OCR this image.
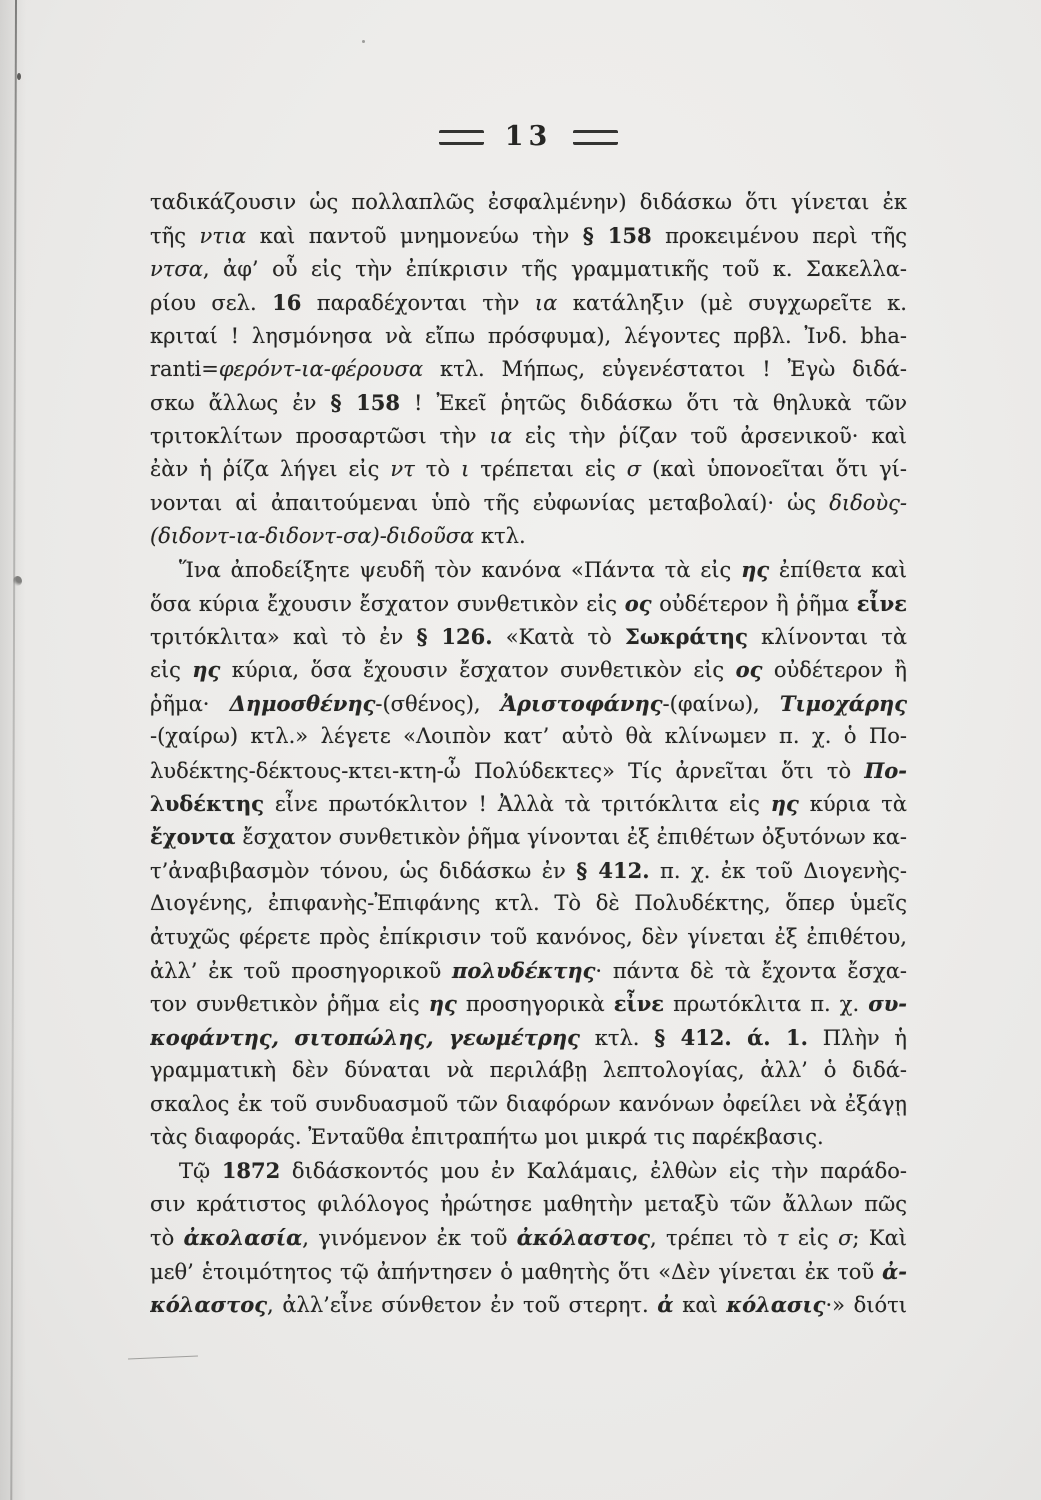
13
ταδικάζουσιν ὡς πολλαπλῶς ἐσφαλμένην) διδάσκω ὅτι γίνεται ἐκ
τῆς ντια καὶ παντοῦ μνημονεύω τὴν § 158 προκειμένου περὶ τῆς
ντσα, ἀφ’ οὗ εἰς τὴν ἐπίκρισιν τῆς γραμματικῆς τοῦ κ. Σακελλα-
ρίου σελ. 16 παραδέχονται τὴν ια κατάληξιν (μὲ συγχωρεῖτε κ.
κριταί ! λησμόνησα νὰ εἴπω πρόσφυμα), λέγοντες πρβλ. Ἰνδ. bha-
ranti=φερόντ-ια-φέρουσα κτλ. Μήπως, εὐγενέστατοι ! Ἐγὼ διδά-
σκω ἄλλως ἐν § 158 ! Ἐκεῖ ῥητῶς διδάσκω ὅτι τὰ θηλυκὰ τῶν
τριτοκλίτων προσαρτῶσι τὴν ια εἰς τὴν ῥίζαν τοῦ ἀρσενικοῦ· καὶ
ἐὰν ἡ ῥίζα λήγει εἰς ντ τὸ ι τρέπεται εἰς σ (καὶ ὑπονοεῖται ὅτι γί-
νονται αἱ ἀπαιτούμεναι ὑπὸ τῆς εὐφωνίας μεταβολαί)· ὡς διδοὺς-
(διδοντ-ια-διδοντ-σα)-διδοῦσα κτλ.
Ἵνα ἀποδείξητε ψευδῆ τὸν κανόνα «Πάντα τὰ εἰς ης ἐπίθετα καὶ
ὅσα κύρια ἔχουσιν ἔσχατον συνθετικὸν εἰς ος οὐδέτερον ἢ ῥῆμα εἶνε
τριτόκλιτα» καὶ τὸ ἐν § 126. «Κατὰ τὸ Σωκράτης κλίνονται τὰ
εἰς ης κύρια, ὅσα ἔχουσιν ἔσχατον συνθετικὸν εἰς ος οὐδέτερον ἢ
ῥῆμα· Δημοσθένης-(σθένος), Ἀριστοφάνης-(φαίνω), Τιμοχάρης
-(χαίρω) κτλ.» λέγετε «Λοιπὸν κατ’ αὐτὸ θὰ κλίνωμεν π. χ. ὁ Πο-
λυδέκτης-δέκτους-κτει-κτη-ὦ Πολύδεκτες» Τίς ἀρνεῖται ὅτι τὸ Πο-
λυδέκτης εἶνε πρωτόκλιτον ! Ἀλλὰ τὰ τριτόκλιτα εἰς ης κύρια τὰ
ἔχοντα ἔσχατον συνθετικὸν ῥῆμα γίνονται ἐξ ἐπιθέτων ὀξυτόνων κα-
τ’ἀναβιβασμὸν τόνου, ὡς διδάσκω ἐν § 412. π. χ. ἐκ τοῦ Διογενὴς-
Διογένης, ἐπιφανὴς-Ἐπιφάνης κτλ. Τὸ δὲ Πολυδέκτης, ὅπερ ὑμεῖς
ἀτυχῶς φέρετε πρὸς ἐπίκρισιν τοῦ κανόνος, δὲν γίνεται ἐξ ἐπιθέτου,
ἀλλ’ ἐκ τοῦ προσηγορικοῦ πολυδέκτης· πάντα δὲ τὰ ἔχοντα ἔσχα-
τον συνθετικὸν ῥῆμα εἰς ης προσηγορικὰ εἶνε πρωτόκλιτα π. χ. συ-
κοφάντης, σιτοπώλης, γεωμέτρης κτλ. § 412. ά. 1. Πλὴν ἡ
γραμματικὴ δὲν δύναται νὰ περιλάβῃ λεπτολογίας, ἀλλ’ ὁ διδά-
σκαλος ἐκ τοῦ συνδυασμοῦ τῶν διαφόρων κανόνων ὀφείλει νὰ ἐξάγῃ
τὰς διαφοράς. Ἐνταῦθα ἐπιτραπήτω μοι μικρά τις παρέκβασις.
Τῷ 1872 διδάσκοντός μου ἐν Καλάμαις, ἐλθὼν εἰς τὴν παράδο-
σιν κράτιστος φιλόλογος ἠρώτησε μαθητὴν μεταξὺ τῶν ἄλλων πῶς
τὸ ἀκολασία, γινόμενον ἐκ τοῦ ἀκόλαστος, τρέπει τὸ τ εἰς σ; Καὶ
μεθ’ ἑτοιμότητος τῷ ἀπήντησεν ὁ μαθητὴς ὅτι «Δὲν γίνεται ἐκ τοῦ ἀ-
κόλαστος, ἀλλ’εἶνε σύνθετον ἐν τοῦ στερητ. ἀ καὶ κόλασις·» διότι
